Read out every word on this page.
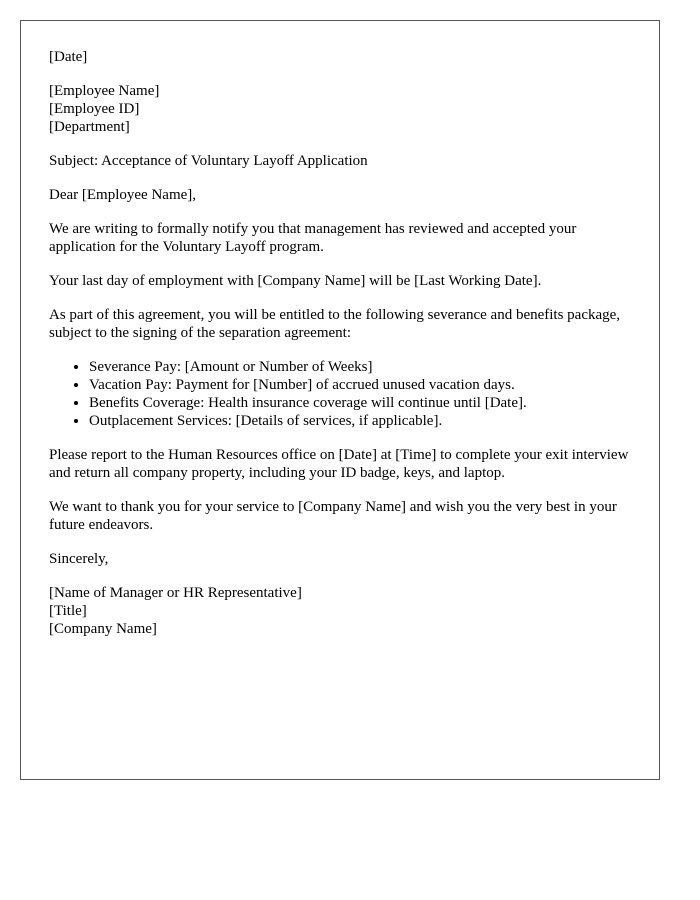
[Date]

[Employee Name]
[Employee ID]
[Department]

Subject: Acceptance of Voluntary Layoff Application

Dear [Employee Name],

We are writing to formally notify you that management has reviewed and accepted your application for the Voluntary Layoff program.

Your last day of employment with [Company Name] will be [Last Working Date].

As part of this agreement, you will be entitled to the following severance and benefits package, subject to the signing of the separation agreement:

• Severance Pay: [Amount or Number of Weeks]
• Vacation Pay: Payment for [Number] of accrued unused vacation days.
• Benefits Coverage: Health insurance coverage will continue until [Date].
• Outplacement Services: [Details of services, if applicable].

Please report to the Human Resources office on [Date] at [Time] to complete your exit interview and return all company property, including your ID badge, keys, and laptop.

We want to thank you for your service to [Company Name] and wish you the very best in your future endeavors.

Sincerely,

[Name of Manager or HR Representative]
[Title]
[Company Name]
